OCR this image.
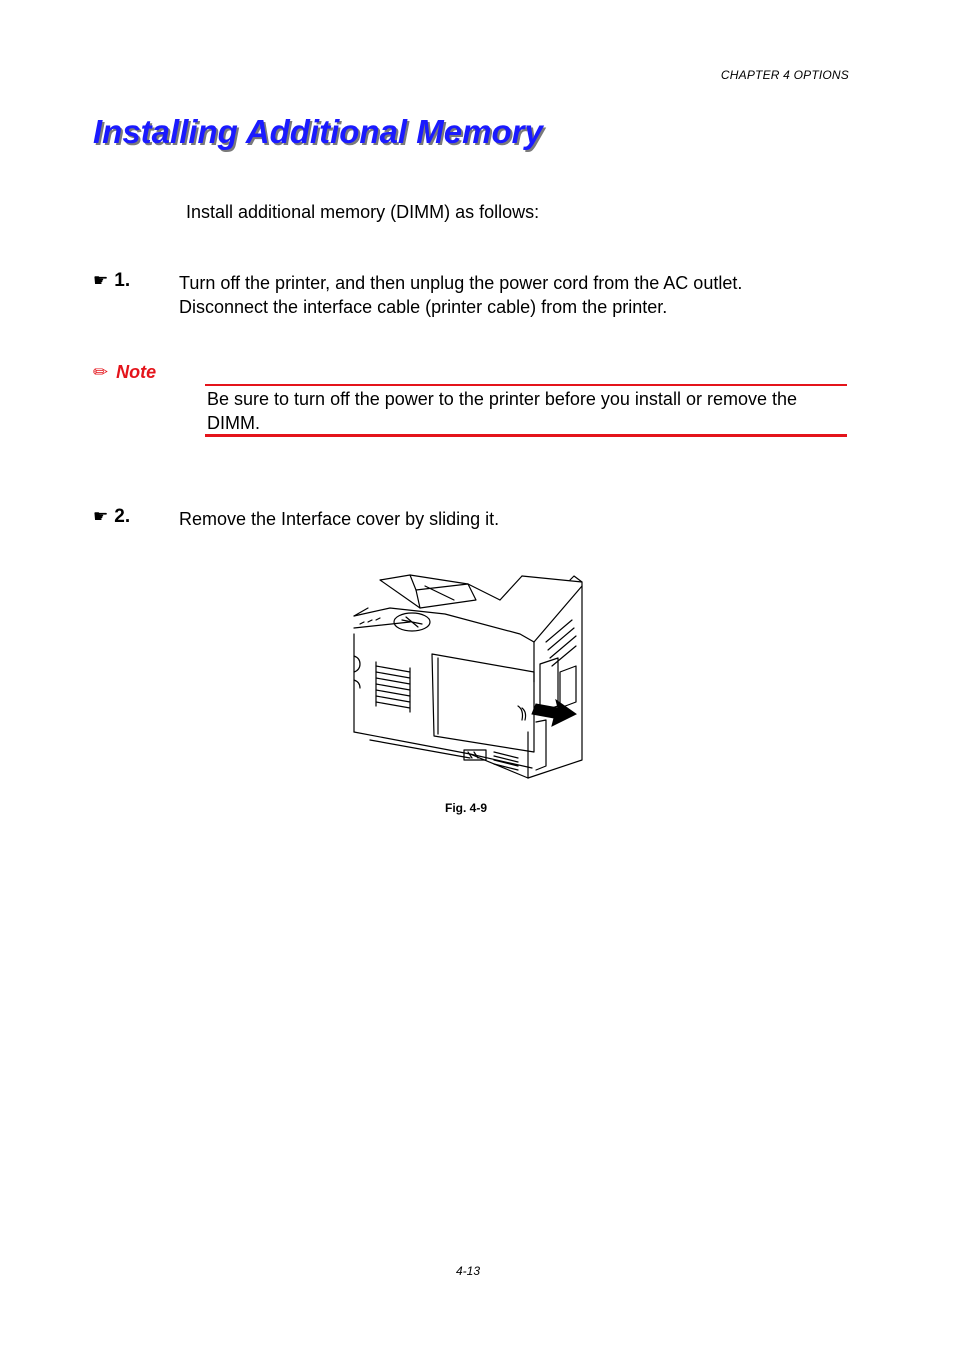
CHAPTER 4 OPTIONS
Installing Additional Memory
Install additional memory (DIMM) as follows:
☛ 1.	Turn off the printer, and then unplug the power cord from the AC outlet.
Disconnect the interface cable (printer cable) from the printer.
✏ Note
Be sure to turn off the power to the printer before you install or remove the
DIMM.
☛ 2.	Remove the Interface cover by sliding it.
Fig. 4-9
4-13
